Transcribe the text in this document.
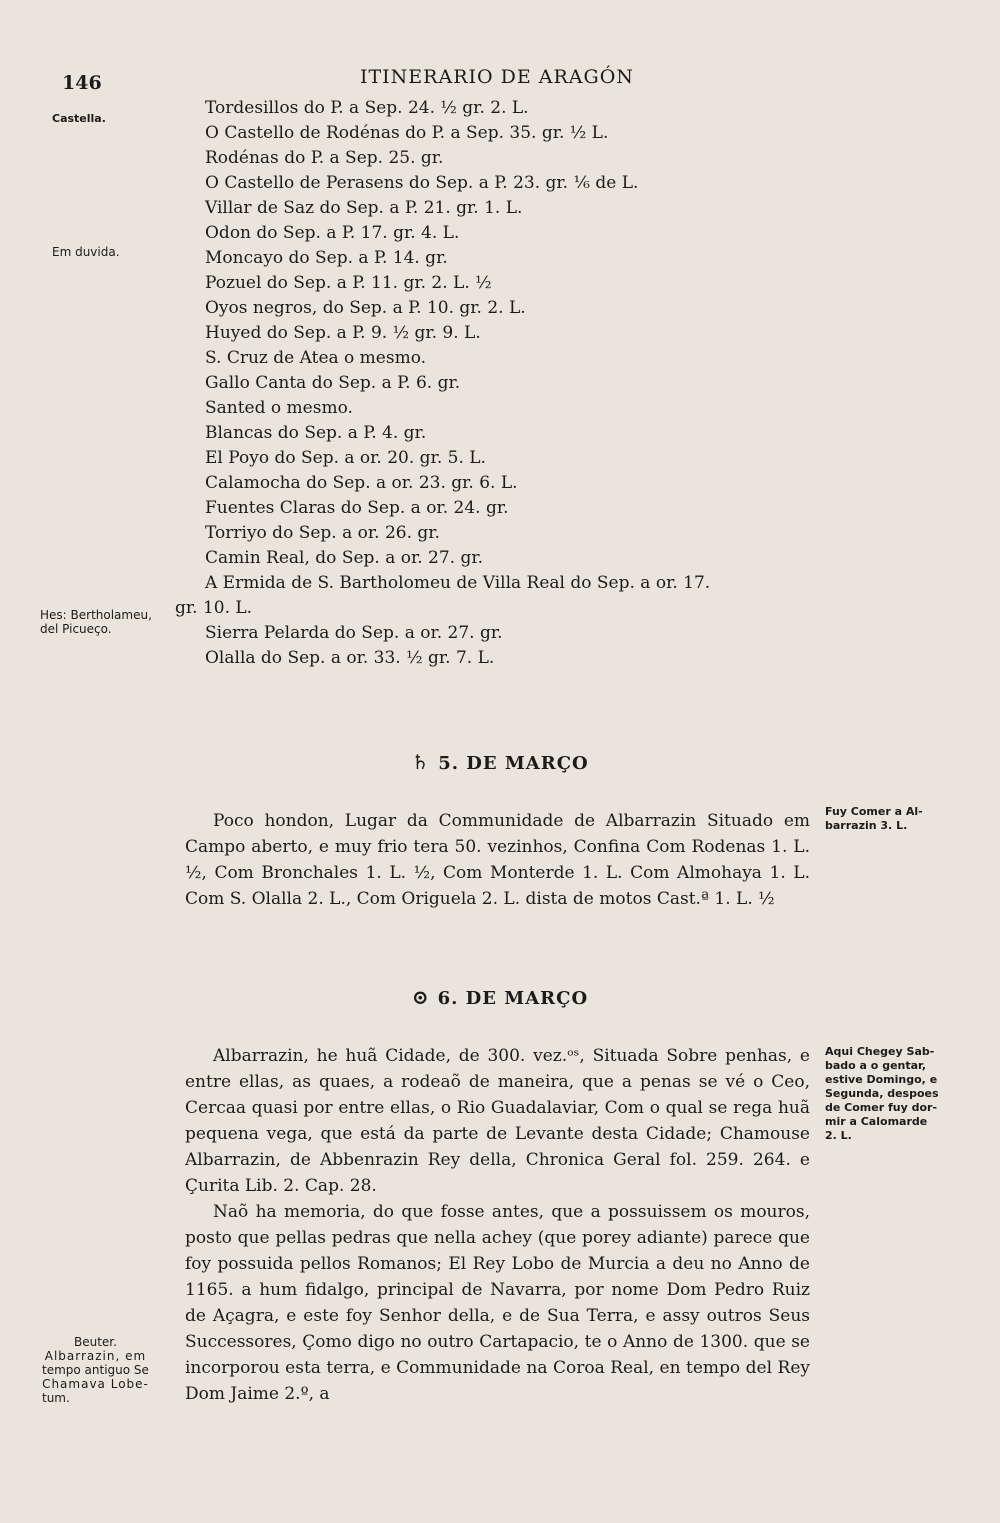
146	ITINERARIO DE ARAGÓN
Castella.
Em duvida.
Hes: Bertholameu,
del Picueço.
Beuter.
Albarrazin, em
tempo antiguo Se
Chamava Lobe-
tum.
Fuy Comer a Al-
barrazin 3. L.
Aqui Chegey Sab-
bado a o gentar,
estive Domingo, e
Segunda, despoes
de Comer fuy dor-
mir a Calomarde
2. L.
Tordesillos do P. a Sep. 24. ½ gr. 2. L.
O Castello de Rodénas do P. a Sep. 35. gr. ½ L.
Rodénas do P. a Sep. 25. gr.
O Castello de Perasens do Sep. a P. 23. gr. ⅙ de L.
Villar de Saz do Sep. a P. 21. gr. 1. L.
Odon do Sep. a P. 17. gr. 4. L.
Moncayo do Sep. a P. 14. gr.
Pozuel do Sep. a P. 11. gr. 2. L. ½
Oyos negros, do Sep. a P. 10. gr. 2. L.
Huyed do Sep. a P. 9. ½ gr. 9. L.
S. Cruz de Atea o mesmo.
Gallo Canta do Sep. a P. 6. gr.
Santed o mesmo.
Blancas do Sep. a P. 4. gr.
El Poyo do Sep. a or. 20. gr. 5. L.
Calamocha do Sep. a or. 23. gr. 6. L.
Fuentes Claras do Sep. a or. 24. gr.
Torriyo do Sep. a or. 26. gr.
Camin Real, do Sep. a or. 27. gr.
A Ermida de S. Bartholomeu de Villa Real do Sep. a or. 17.
gr. 10. L.
Sierra Pelarda do Sep. a or. 27. gr.
Olalla do Sep. a or. 33. ½ gr. 7. L.
♄ 5. DE MARÇO

Poco hondon, Lugar da Communidade de Albarrazin Situado em Campo aberto, e muy frio tera 50. vezinhos, Confina Com Rodenas 1. L. ½, Com Bronchales 1. L. ½, Com Monterde 1. L. Com Almohaya 1. L. Com S. Olalla 2. L., Com Origuela 2. L. dista de motos Cast.ª 1. L. ½

⊙ 6. DE MARÇO

Albarrazin, he huã Cidade, de 300. vez.ᵒˢ, Situada Sobre penhas, e entre ellas, as quaes, a rodeaõ de maneira, que a penas se vé o Ceo, Cercaa quasi por entre ellas, o Rio Guadalaviar, Com o qual se rega huã pequena vega, que está da parte de Levante desta Cidade; Chamouse Albarrazin, de Abbenrazin Rey della, Chronica Geral fol. 259. 264. e Çurita Lib. 2. Cap. 28.

Naõ ha memoria, do que fosse antes, que a possuissem os mouros, posto que pellas pedras que nella achey (que porey adiante) parece que foy possuida pellos Romanos; El Rey Lobo de Murcia a deu no Anno de 1165. a hum fidalgo, principal de Navarra, por nome Dom Pedro Ruiz de Açagra, e este foy Senhor della, e de Sua Terra, e assy outros Seus Successores, Çomo digo no outro Cartapacio, te o Anno de 1300. que se incorporou esta terra, e Communidade na Coroa Real, en tempo del Rey Dom Jaime 2.º, a
